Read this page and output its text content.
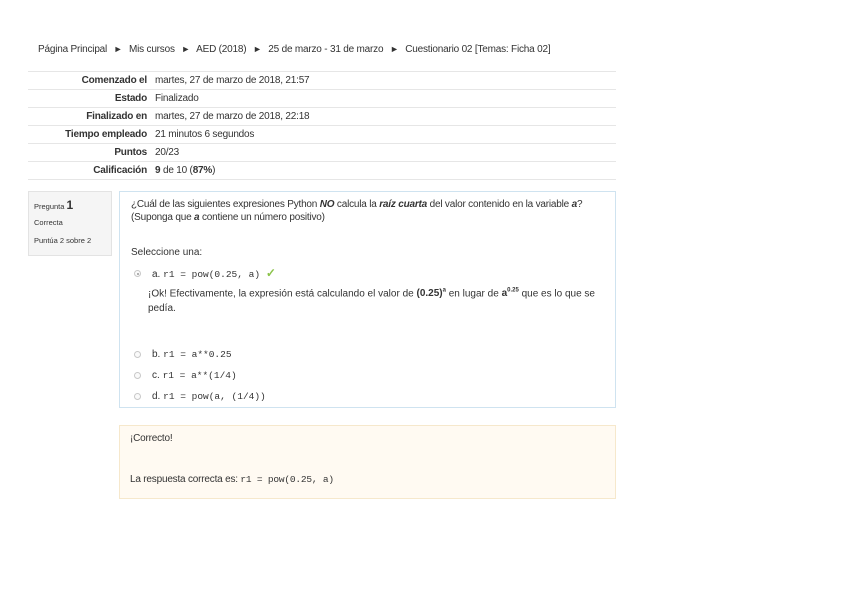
Página Principal ► Mis cursos ► AED (2018) ► 25 de marzo - 31 de marzo ► Cuestionario 02 [Temas: Ficha 02]
Comenzado el	martes, 27 de marzo de 2018, 21:57
Estado	Finalizado
Finalizado en	martes, 27 de marzo de 2018, 22:18
Tiempo empleado	21 minutos 6 segundos
Puntos	20/23
Calificación	9 de 10 (87%)
Pregunta 1
Correcta
Puntúa 2 sobre 2
¿Cuál de las siguientes expresiones Python NO calcula la raíz cuarta del valor contenido en la variable a? (Suponga que a contiene un número positivo)
Seleccione una:
a. r1 = pow(0.25, a) ✓
¡Ok! Efectivamente, la expresión está calculando el valor de $(0.25)^a$ en lugar de $a^{0.25}$ que es lo que se pedía.
b. r1 = a**0.25
c. r1 = a**(1/4)
d. r1 = pow(a, (1/4))
¡Correcto!
La respuesta correcta es: r1 = pow(0.25, a)
